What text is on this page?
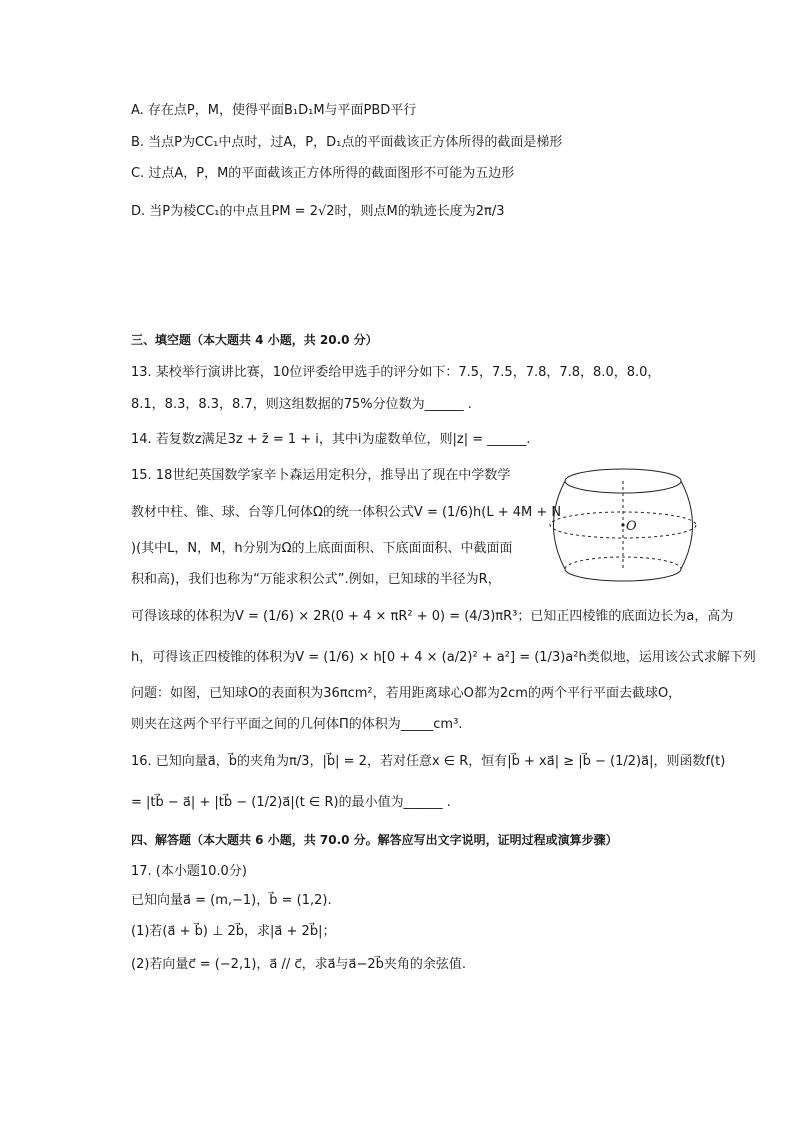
A. 存在点P，M，使得平面B₁D₁M与平面PBD平行
B. 当点P为CC₁中点时，过A，P，D₁点的平面截该正方体所得的截面是梯形
C. 过点A，P，M的平面截该正方体所得的截面图形不可能为五边形
D. 当P为棱CC₁的中点且PM = 2√2时，则点M的轨迹长度为2π/3
三、填空题（本大题共 4 小题，共 20.0 分）
13. 某校举行演讲比赛，10位评委给甲选手的评分如下：7.5，7.5，7.8，7.8，8.0，8.0，
8.1，8.3，8.3，8.7，则这组数据的75%分位数为______ .
14. 若复数z满足3z + z̄ = 1 + i，其中i为虚数单位，则|z| = ______.
15. 18世纪英国数学家辛卜森运用定积分，推导出了现在中学数学
教材中柱、锥、球、台等几何体Ω的统一体积公式V = (1/6)h(L + 4M + N
)(其中L，N，M，h分别为Ω的上底面面积、下底面面积、中截面面
积和高)，我们也称为“万能求积公式”.例如，已知球的半径为R，
可得该球的体积为V = (1/6) × 2R(0 + 4 × πR² + 0) = (4/3)πR³；已知正四棱锥的底面边长为a，高为
h，可得该正四棱锥的体积为V = (1/6) × h[0 + 4 × (a/2)² + a²] = (1/3)a²h类似地，运用该公式求解下列
问题：如图，已知球O的表面积为36πcm²，若用距离球心O都为2cm的两个平行平面去截球O，
则夹在这两个平行平面之间的几何体Π的体积为_____cm³.
16. 已知向量a⃗，b⃗的夹角为π/3，|b⃗| = 2，若对任意x ∈ R，恒有|b⃗ + xa⃗| ≥ |b⃗ − (1/2)a⃗|，则函数f(t)
= |tb⃗ − a⃗| + |tb⃗ − (1/2)a⃗|(t ∈ R)的最小值为______ .
四、解答题（本大题共 6 小题，共 70.0 分。解答应写出文字说明，证明过程或演算步骤）
17. (本小题10.0分)
已知向量a⃗ = (m,−1)，b⃗ = (1,2).
(1)若(a⃗ + b⃗) ⊥ 2b⃗，求|a⃗ + 2b⃗|；
(2)若向量c⃗ = (−2,1)，a⃗ // c⃗，求a⃗与a⃗−2b⃗夹角的余弦值.
O
